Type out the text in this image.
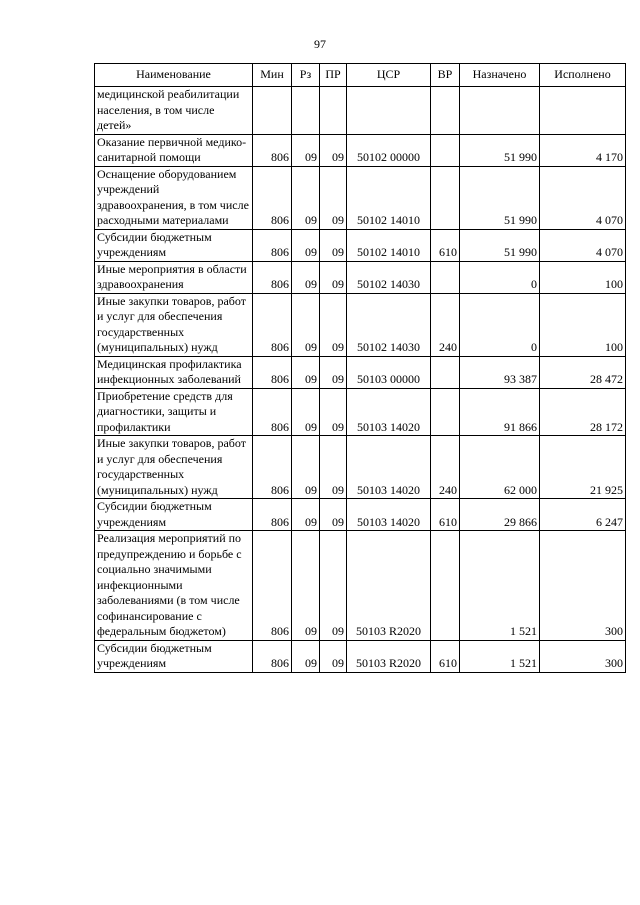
97
Наименование	Мин	Рз	ПР	ЦСР	ВР	Назначено	Исполнено
медицинской реабилитации населения, в том числе детей»							
Оказание первичной медико-санитарной помощи	806	09	09	50102 00000		51 990	4 170
Оснащение оборудованием учреждений здравоохранения, в том числе расходными материалами	806	09	09	50102 14010		51 990	4 070
Субсидии бюджетным учреждениям	806	09	09	50102 14010	610	51 990	4 070
Иные мероприятия в области здравоохранения	806	09	09	50102 14030		0	100
Иные закупки товаров, работ и услуг для обеспечения государственных (муниципальных) нужд	806	09	09	50102 14030	240	0	100
Медицинская профилактика инфекционных заболеваний	806	09	09	50103 00000		93 387	28 472
Приобретение средств для диагностики, защиты и профилактики	806	09	09	50103 14020		91 866	28 172
Иные закупки товаров, работ и услуг для обеспечения государственных (муниципальных) нужд	806	09	09	50103 14020	240	62 000	21 925
Субсидии бюджетным учреждениям	806	09	09	50103 14020	610	29 866	6 247
Реализация мероприятий по предупреждению и борьбе с социально значимыми инфекционными заболеваниями (в том числе софинансирование с федеральным бюджетом)	806	09	09	50103 R2020		1 521	300
Субсидии бюджетным учреждениям	806	09	09	50103 R2020	610	1 521	300
